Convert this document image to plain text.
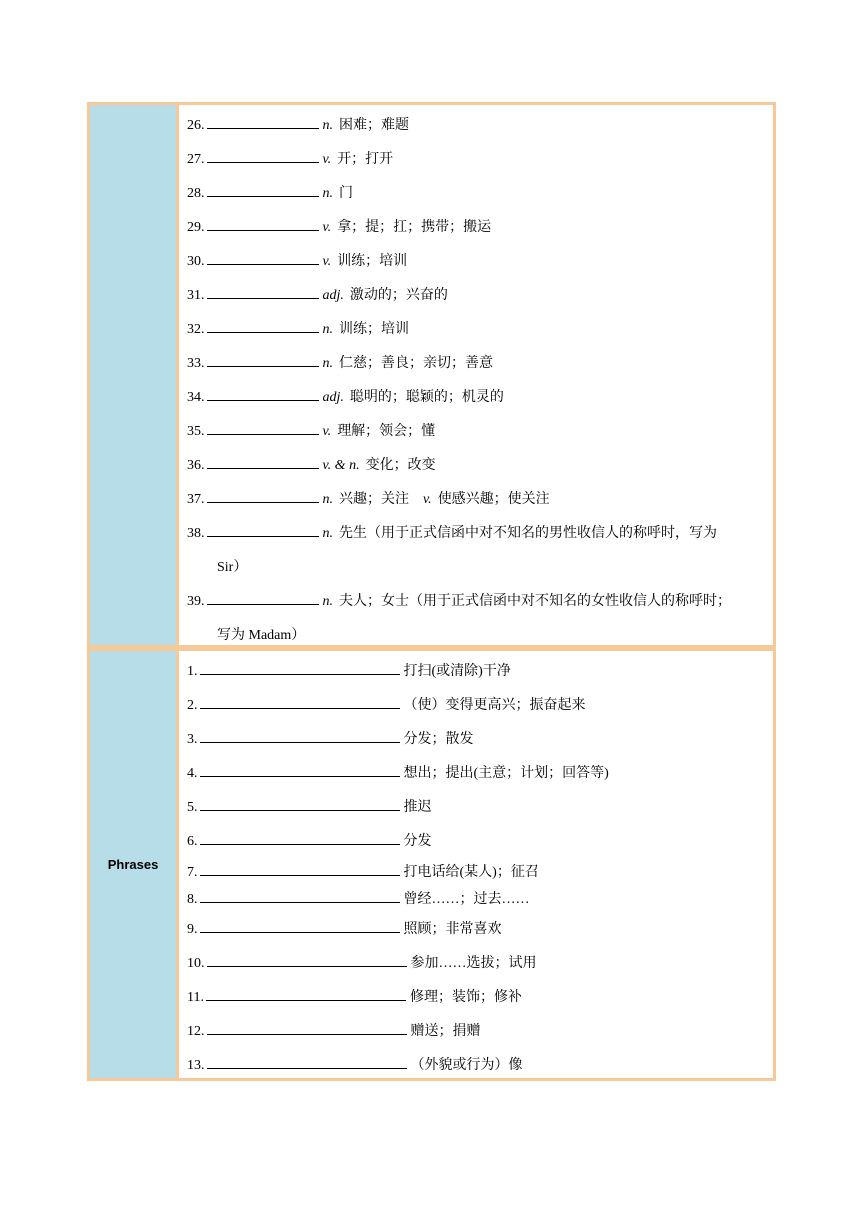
26.	n. 困难；难题
27.	v. 开；打开
28.	n. 门
29.	v. 拿；提；扛；携带；搬运
30.	v. 训练；培训
31.	adj. 激动的；兴奋的
32.	n. 训练；培训
33.	n. 仁慈；善良；亲切；善意
34.	adj. 聪明的；聪颖的；机灵的
35.	v. 理解；领会；懂
36.	v. & n. 变化；改变
37.	n. 兴趣；关注 v. 使感兴趣；使关注
38.	n. 先生（用于正式信函中对不知名的男性收信人的称呼时，写为
Sir）
39.	n. 夫人；女士（用于正式信函中对不知名的女性收信人的称呼时；
写为 Madam）
Phrases
1.	打扫(或清除)干净
2.	（使）变得更高兴；振奋起来
3.	分发；散发
4.	想出；提出(主意；计划；回答等)
5.	推迟
6.	分发
7.	打电话给(某人)；征召
8.	曾经……；过去……
9.	照顾；非常喜欢
10.	参加……选拔；试用
11.	修理；装饰；修补
12.	赠送；捐赠
13.	（外貌或行为）像
